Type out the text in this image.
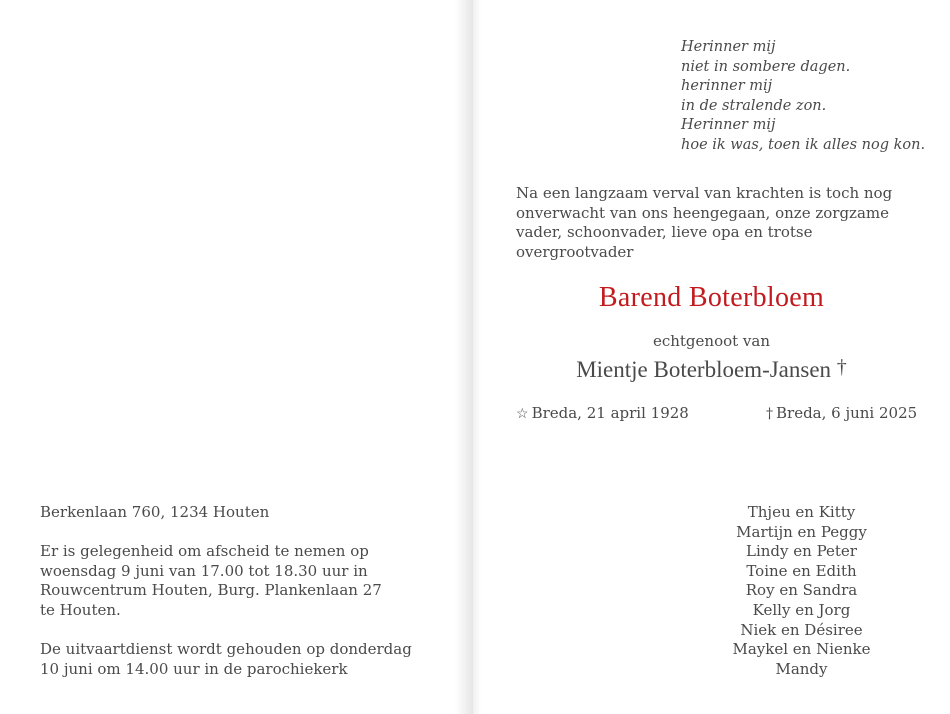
Berkenlaan 760, 1234 Houten
Er is gelegenheid om afscheid te nemen op
woensdag 9 juni van 17.00 tot 18.30 uur in
Rouwcentrum Houten, Burg. Plankenlaan 27
te Houten.
De uitvaartdienst wordt gehouden op donderdag
10 juni om 14.00 uur in de parochiekerk
Herinner mij
niet in sombere dagen.
herinner mij
in de stralende zon.
Herinner mij
hoe ik was, toen ik alles nog kon.
Na een langzaam verval van krachten is toch nog
onverwacht van ons heengegaan, onze zorgzame
vader, schoonvader, lieve opa en trotse
overgrootvader
Barend Boterbloem
echtgenoot van
Mientje Boterbloem-Jansen †
☆ Breda, 21 april 1928	† Breda, 6 juni 2025
Thjeu en Kitty
Martijn en Peggy
Lindy en Peter
Toine en Edith
Roy en Sandra
Kelly en Jorg
Niek en Désiree
Maykel en Nienke
Mandy
